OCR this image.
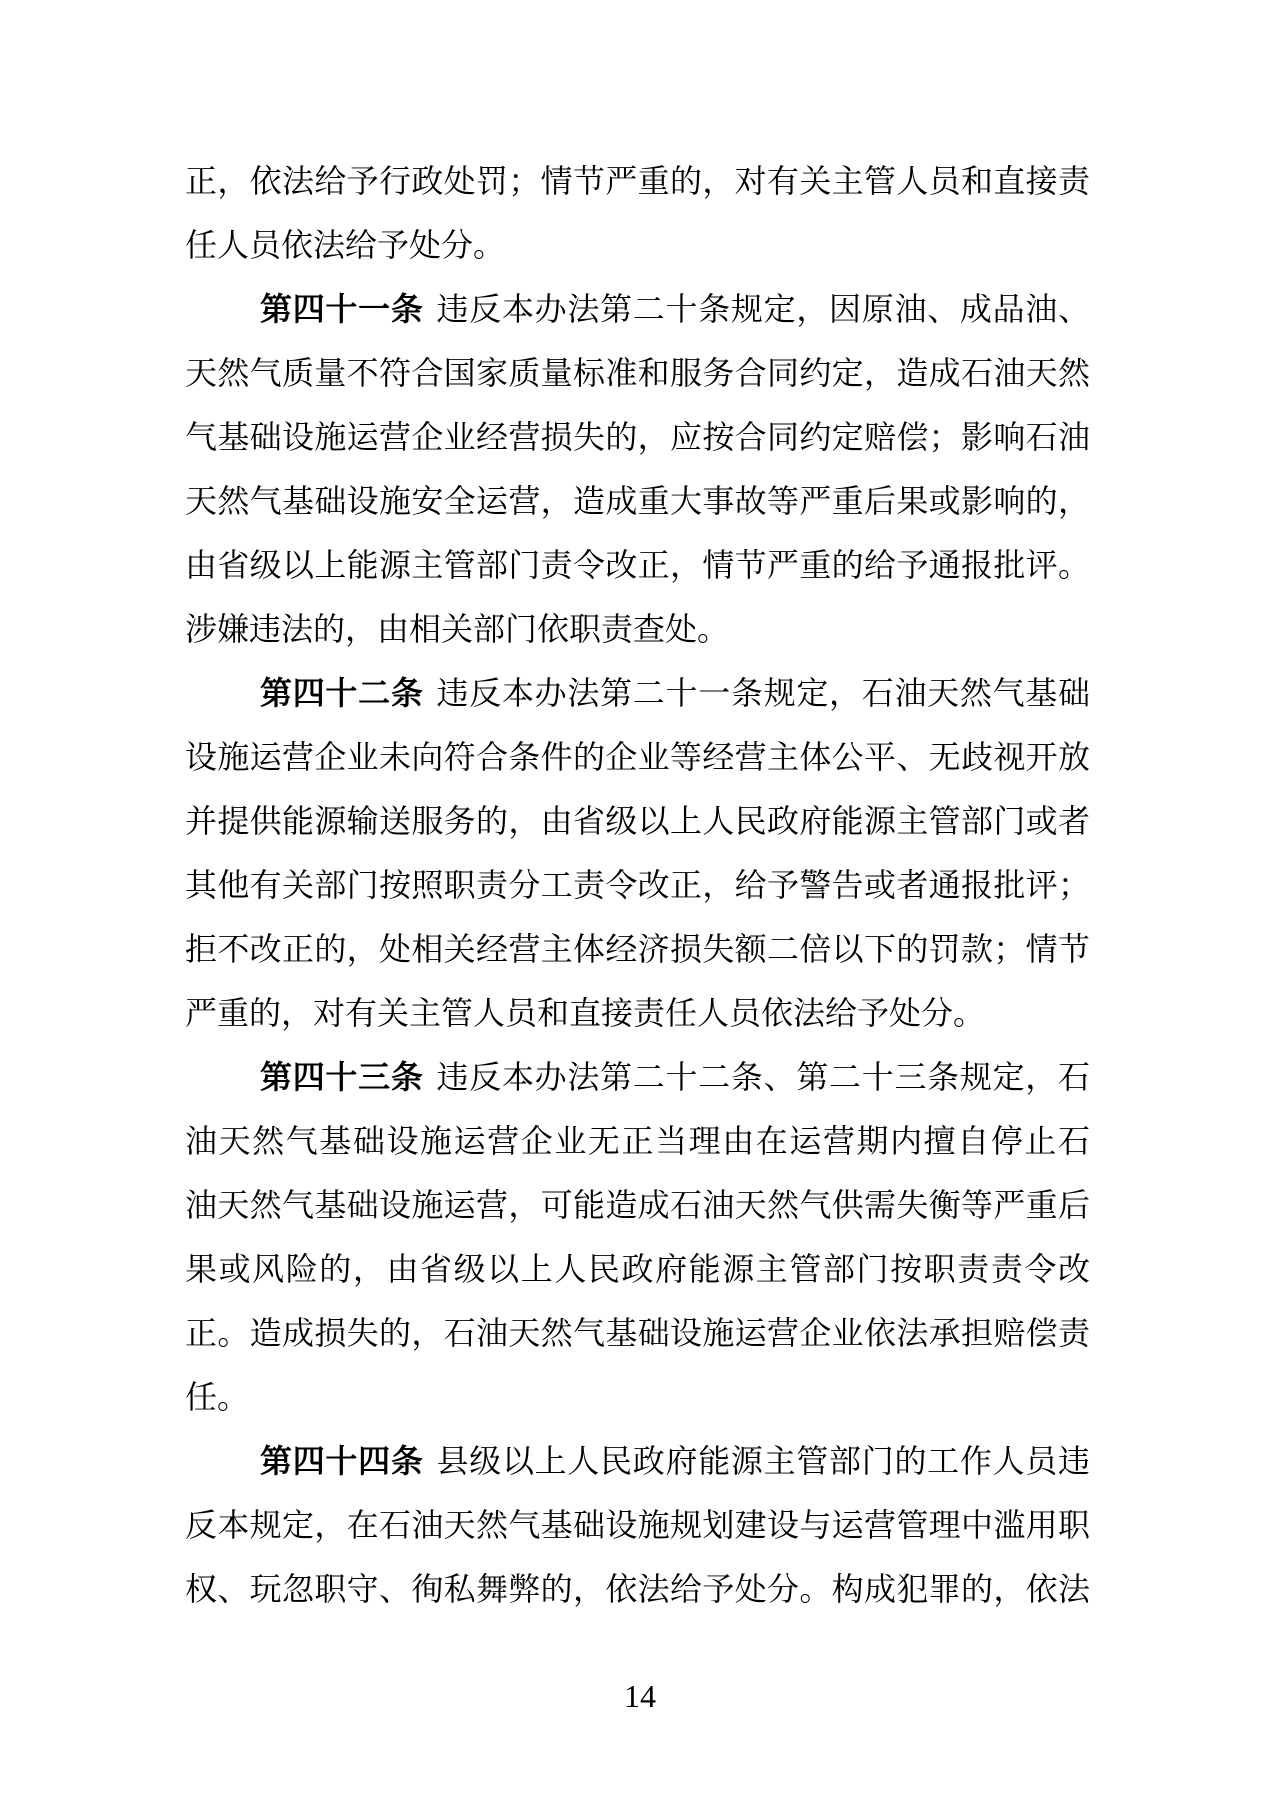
正，依法给予行政处罚；情节严重的，对有关主管人员和直接责
任人员依法给予处分。
第四十一条 违反本办法第二十条规定，因原油、成品油、
天然气质量不符合国家质量标准和服务合同约定，造成石油天然
气基础设施运营企业经营损失的，应按合同约定赔偿；影响石油
天然气基础设施安全运营，造成重大事故等严重后果或影响的，
由省级以上能源主管部门责令改正，情节严重的给予通报批评。
涉嫌违法的，由相关部门依职责查处。
第四十二条 违反本办法第二十一条规定，石油天然气基础
设施运营企业未向符合条件的企业等经营主体公平、无歧视开放
并提供能源输送服务的，由省级以上人民政府能源主管部门或者
其他有关部门按照职责分工责令改正，给予警告或者通报批评；
拒不改正的，处相关经营主体经济损失额二倍以下的罚款；情节
严重的，对有关主管人员和直接责任人员依法给予处分。
第四十三条 违反本办法第二十二条、第二十三条规定，石
油天然气基础设施运营企业无正当理由在运营期内擅自停止石
油天然气基础设施运营，可能造成石油天然气供需失衡等严重后
果或风险的，由省级以上人民政府能源主管部门按职责责令改
正。造成损失的，石油天然气基础设施运营企业依法承担赔偿责
任。
第四十四条 县级以上人民政府能源主管部门的工作人员违
反本规定，在石油天然气基础设施规划建设与运营管理中滥用职
权、玩忽职守、徇私舞弊的，依法给予处分。构成犯罪的，依法
14
